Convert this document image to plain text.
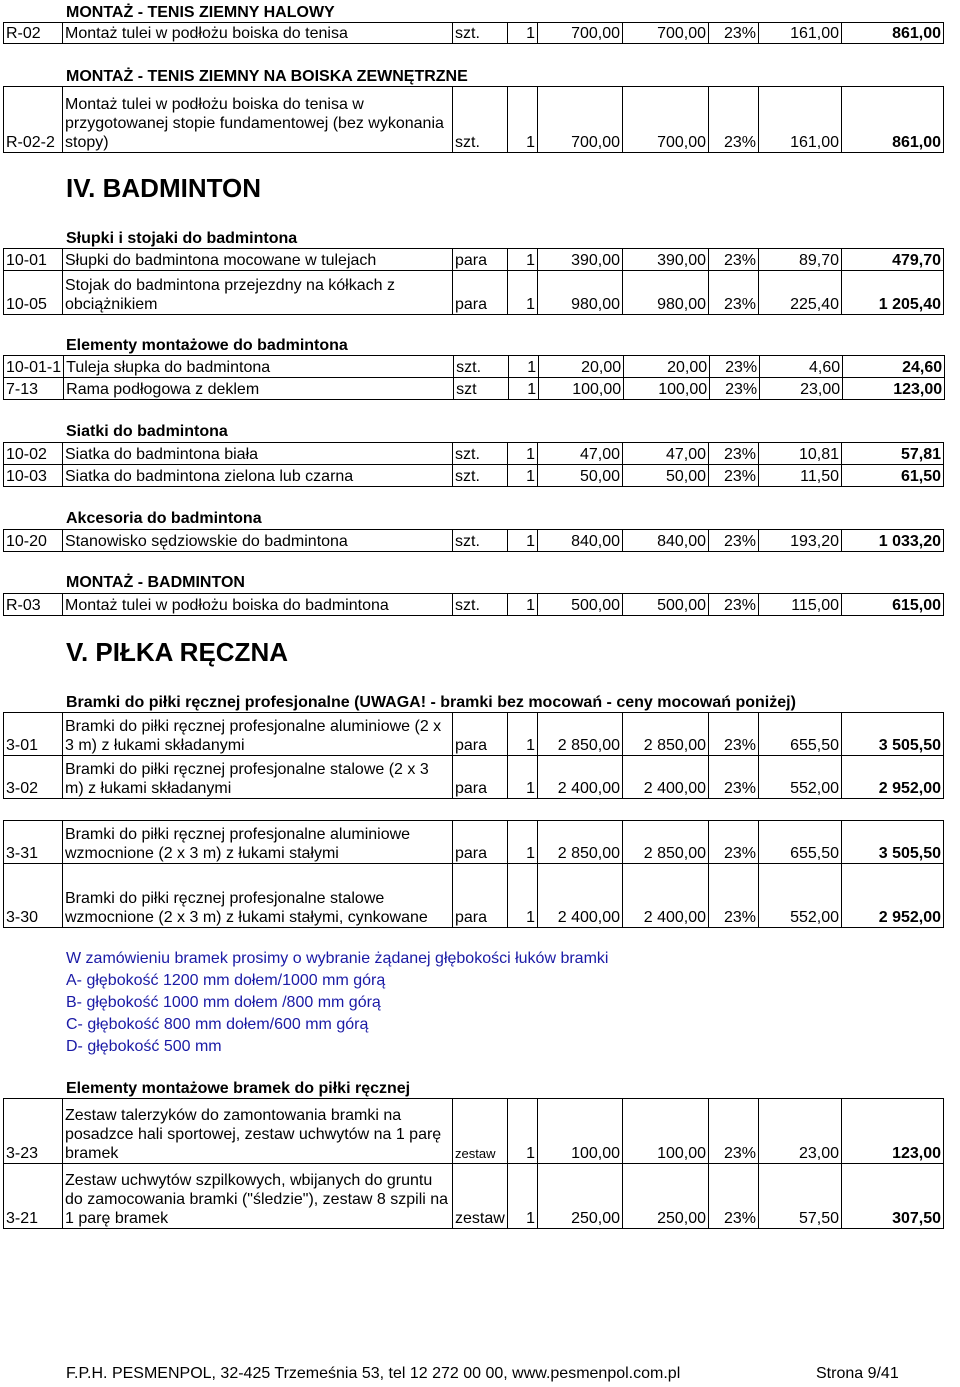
MONTAŻ - TENIS ZIEMNY HALOWY
R-02	Montaż tulei w podłożu boiska do tenisa	szt.	1	700,00	700,00	23%	161,00	861,00
MONTAŻ - TENIS ZIEMNY NA BOISKA ZEWNĘTRZNE
R-02-2	Montaż tulei w podłożu boiska do tenisa w przygotowanej stopie fundamentowej (bez wykonania stopy)	szt.	1	700,00	700,00	23%	161,00	861,00
IV. BADMINTON
Słupki i stojaki do badmintona
10-01	Słupki do badmintona mocowane w tulejach	para	1	390,00	390,00	23%	89,70	479,70
10-05	Stojak do badmintona przejezdny na kółkach z obciążnikiem	para	1	980,00	980,00	23%	225,40	1 205,40
Elementy montażowe do badmintona
10-01-1	Tuleja słupka do badmintona	szt.	1	20,00	20,00	23%	4,60	24,60
7-13	Rama podłogowa z deklem	szt	1	100,00	100,00	23%	23,00	123,00
Siatki do badmintona
10-02	Siatka do badmintona biała	szt.	1	47,00	47,00	23%	10,81	57,81
10-03	Siatka do badmintona zielona lub czarna	szt.	1	50,00	50,00	23%	11,50	61,50
Akcesoria do badmintona
10-20	Stanowisko sędziowskie do badmintona	szt.	1	840,00	840,00	23%	193,20	1 033,20
MONTAŻ - BADMINTON
R-03	Montaż tulei w podłożu boiska do badmintona	szt.	1	500,00	500,00	23%	115,00	615,00
V. PIŁKA RĘCZNA
Bramki do piłki ręcznej profesjonalne (UWAGA! - bramki bez mocowań - ceny mocowań poniżej)
3-01	Bramki do piłki ręcznej profesjonalne aluminiowe (2 x 3 m) z łukami składanymi	para	1	2 850,00	2 850,00	23%	655,50	3 505,50
3-02	Bramki do piłki ręcznej profesjonalne stalowe (2 x 3 m) z łukami składanymi	para	1	2 400,00	2 400,00	23%	552,00	2 952,00
3-31	Bramki do piłki ręcznej profesjonalne aluminiowe wzmocnione (2 x 3 m) z łukami stałymi	para	1	2 850,00	2 850,00	23%	655,50	3 505,50
3-30	Bramki do piłki ręcznej profesjonalne stalowe wzmocnione (2 x 3 m) z łukami stałymi, cynkowane	para	1	2 400,00	2 400,00	23%	552,00	2 952,00
W zamówieniu bramek prosimy o wybranie żądanej głębokości łuków bramki
A- głębokość 1200 mm dołem/1000 mm górą
B- głębokość 1000 mm dołem /800 mm górą
C- głębokość 800 mm dołem/600 mm górą
D- głębokość 500 mm
Elementy montażowe bramek do piłki ręcznej
3-23	Zestaw talerzyków do zamontowania bramki na posadzce hali sportowej, zestaw uchwytów na 1 parę bramek	zestaw	1	100,00	100,00	23%	23,00	123,00
3-21	Zestaw uchwytów szpilkowych, wbijanych do gruntu do zamocowania bramki ("śledzie"), zestaw 8 szpili na 1 parę bramek	zestaw	1	250,00	250,00	23%	57,50	307,50
F.P.H. PESMENPOL, 32-425 Trzemeśnia 53, tel 12 272 00 00, www.pesmenpol.com.pl	Strona 9/41
